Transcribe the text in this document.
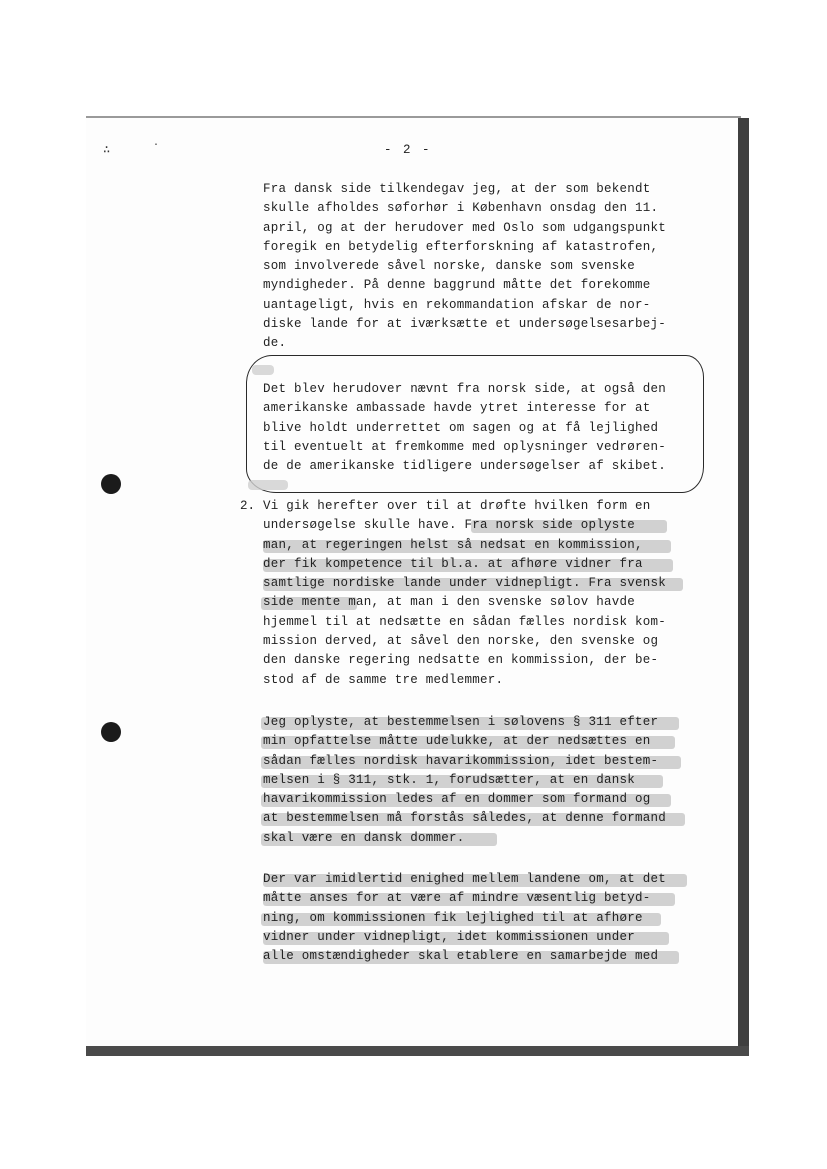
∴	·	- 2 -
Fra dansk side tilkendegav jeg, at der som bekendt
skulle afholdes søforhør i København onsdag den 11.
april, og at der herudover med Oslo som udgangspunkt
foregik en betydelig efterforskning af katastrofen,
som involverede såvel norske, danske som svenske
myndigheder. På denne baggrund måtte det forekomme
uantageligt, hvis en rekommandation afskar de nor-
diske lande for at iværksætte et undersøgelsesarbej-
de.
Det blev herudover nævnt fra norsk side, at også den
amerikanske ambassade havde ytret interesse for at
blive holdt underrettet om sagen og at få lejlighed
til eventuelt at fremkomme med oplysninger vedrøren-
de de amerikanske tidligere undersøgelser af skibet.
2. Vi gik herefter over til at drøfte hvilken form en
undersøgelse skulle have. Fra norsk side oplyste
man, at regeringen helst så nedsat en kommission,
der fik kompetence til bl.a. at afhøre vidner fra
samtlige nordiske lande under vidnepligt. Fra svensk
side mente man, at man i den svenske sølov havde
hjemmel til at nedsætte en sådan fælles nordisk kom-
mission derved, at såvel den norske, den svenske og
den danske regering nedsatte en kommission, der be-
stod af de samme tre medlemmer.
Jeg oplyste, at bestemmelsen i sølovens § 311 efter
min opfattelse måtte udelukke, at der nedsættes en
sådan fælles nordisk havarikommission, idet bestem-
melsen i § 311, stk. 1, forudsætter, at en dansk
havarikommission ledes af en dommer som formand og
at bestemmelsen må forstås således, at denne formand
skal være en dansk dommer.
Der var imidlertid enighed mellem landene om, at det
måtte anses for at være af mindre væsentlig betyd-
ning, om kommissionen fik lejlighed til at afhøre
vidner under vidnepligt, idet kommissionen under
alle omstændigheder skal etablere en samarbejde med
